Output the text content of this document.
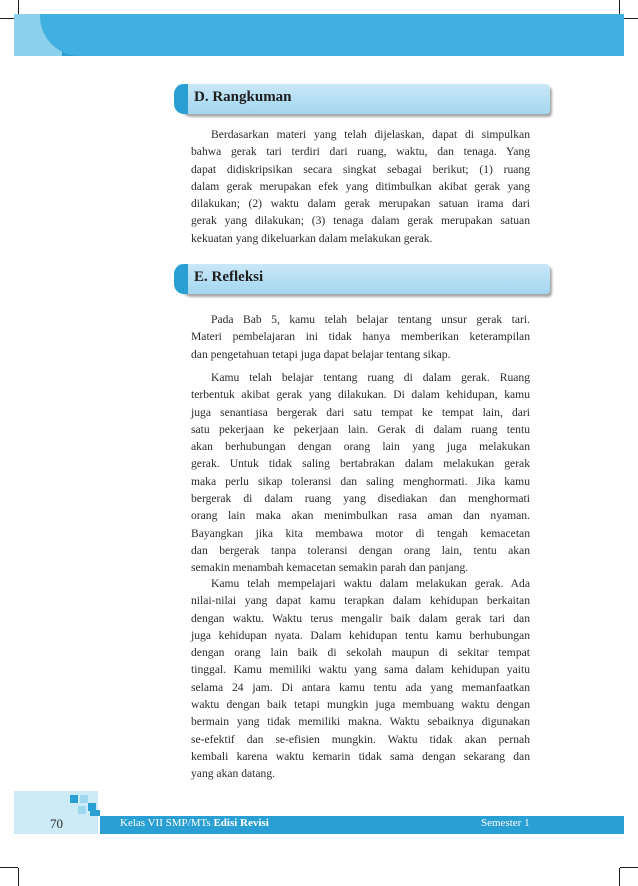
D. Rangkuman
Berdasarkan materi yang telah dijelaskan, dapat di simpulkan
bahwa gerak tari terdiri dari ruang, waktu, dan tenaga. Yang
dapat didiskripsikan secara singkat sebagai berikut; (1) ruang
dalam gerak merupakan efek yang ditimbulkan akibat gerak yang
dilakukan; (2) waktu dalam gerak merupakan satuan irama dari
gerak yang dilakukan; (3) tenaga dalam gerak merupakan satuan
kekuatan yang dikeluarkan dalam melakukan gerak.
E. Refleksi
Pada Bab 5, kamu telah belajar tentang unsur gerak tari.
Materi pembelajaran ini tidak hanya memberikan keterampilan
dan pengetahuan tetapi juga dapat belajar tentang sikap.
Kamu telah belajar tentang ruang di dalam gerak. Ruang
terbentuk akibat gerak yang dilakukan. Di dalam kehidupan, kamu
juga senantiasa bergerak dari satu tempat ke tempat lain, dari
satu pekerjaan ke pekerjaan lain. Gerak di dalam ruang tentu
akan berhubungan dengan orang lain yang juga melakukan
gerak. Untuk tidak saling bertabrakan dalam melakukan gerak
maka perlu sikap toleransi dan saling menghormati. Jika kamu
bergerak di dalam ruang yang disediakan dan menghormati
orang lain maka akan menimbulkan rasa aman dan nyaman.
Bayangkan jika kita membawa motor di tengah kemacetan
dan bergerak tanpa toleransi dengan orang lain, tentu akan
semakin menambah kemacetan semakin parah dan panjang.
Kamu telah mempelajari waktu dalam melakukan gerak. Ada
nilai-nilai yang dapat kamu terapkan dalam kehidupan berkaitan
dengan waktu. Waktu terus mengalir baik dalam gerak tari dan
juga kehidupan nyata. Dalam kehidupan tentu kamu berhubungan
dengan orang lain baik di sekolah maupun di sekitar tempat
tinggal. Kamu memiliki waktu yang sama dalam kehidupan yaitu
selama 24 jam. Di antara kamu tentu ada yang memanfaatkan
waktu dengan baik tetapi mungkin juga membuang waktu dengan
bermain yang tidak memiliki makna. Waktu sebaiknya digunakan
se-efektif dan se-efisien mungkin. Waktu tidak akan pernah
kembali karena waktu kemarin tidak sama dengan sekarang dan
yang akan datang.
70	Kelas VII SMP/MTs Edisi Revisi	Semester 1
